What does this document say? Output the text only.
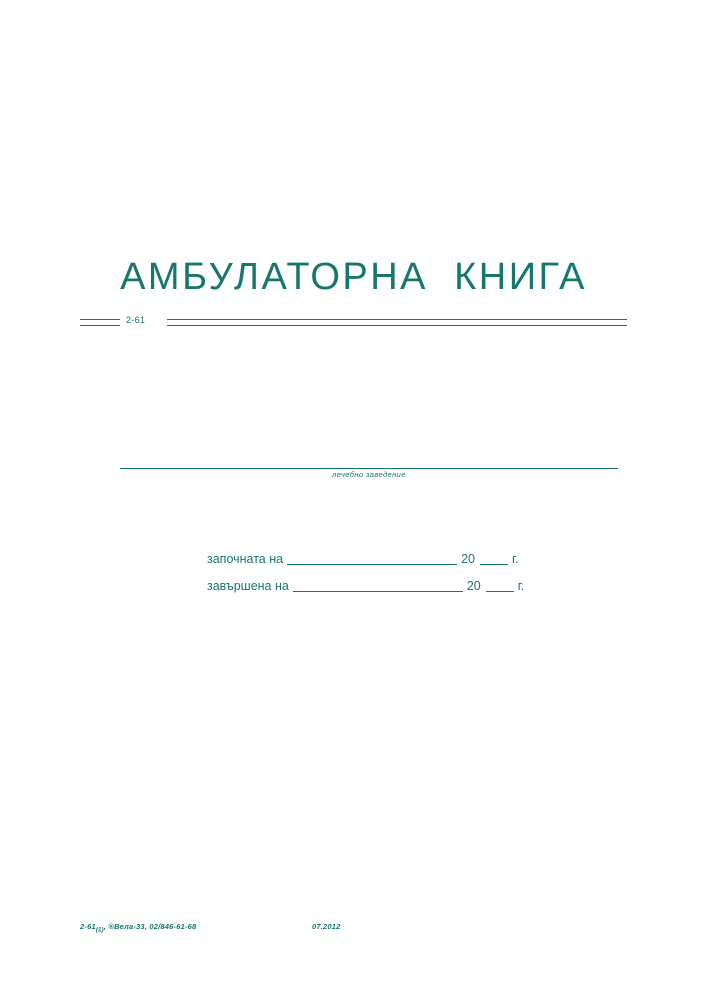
АМБУЛАТОРНА  КНИГА
2-61
лечебно заведение
започната на	20	г.
завършена на	20	г.
$2-61_{(1)}$, ®Вела-33, 02/846-61-68	07.2012
